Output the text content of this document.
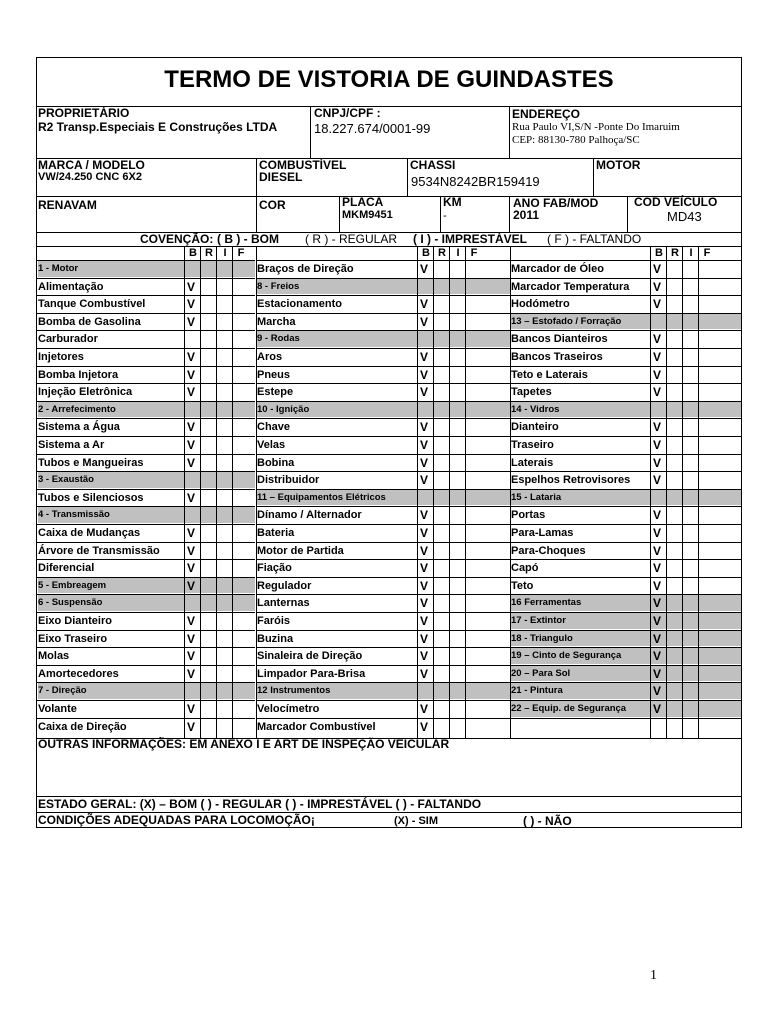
TERMO DE VISTORIA DE GUINDASTES
PROPRIETÁRIO
R2 Transp.Especiais E Construções LTDA
CNPJ/CPF :
18.227.674/0001-99
ENDEREÇO
Rua Paulo VI,S/N -Ponte Do Imaruim
CEP: 88130-780 Palhoça/SC
MARCA / MODELO
VW/24.250 CNC 6X2
COMBUSTÍVEL
DIESEL
CHASSI
9534N8242BR159419
MOTOR
RENAVAM	COR	PLACA
MKM9451
KM
-
ANO FAB/MOD
2011
COD VEÍCULO
MD43
COVENÇÃO: ( B ) - BOM ( R ) - REGULAR ( I ) - IMPRESTÁVEL ( F ) - FALTANDO
B R I	F
1 - Motor
Alimentação	V
Tanque Combustível	V
Bomba de Gasolina	V
Carburador
Injetores	V
Bomba Injetora	V
Injeção Eletrônica	V
2 - Arrefecimento
Sistema a Água	V
Sistema a Ar	V
Tubos e Mangueiras	V
3 - Exaustão
Tubos e Silenciosos	V
4 - Transmissão
Caixa de Mudanças	V
Árvore de Transmissão V
Diferencial	V
5 - Embreagem	V
6 - Suspensão
Eixo Dianteiro	V
Eixo Traseiro	V
Molas	V
Amortecedores	V
7 - Direção
Volante	V
Caixa de Direção	V
B R I	F
Braços de Direção	V
8 - Freios
Estacionamento	V
Marcha	V
9 - Rodas
Aros	V
Pneus	V
Estepe	V
10 - Ignição
Chave	V
Velas	V
Bobina	V
Distribuidor	V
11 – Equipamentos Elétricos
Dínamo / Alternador	V
Bateria	V
Motor de Partida	V
Fiação	V
Regulador	V
Lanternas	V
Faróis	V
Buzina	V
Sinaleira de Direção	V
Limpador Para-Brisa	V
12 Instrumentos
Velocímetro	V
Marcador Combustível	V
B R I	F
Marcador de Óleo	V
Marcador Temperatura V
Hodómetro	V
13 – Estofado / Forração
Bancos Dianteiros	V
Bancos Traseiros	V
Teto e Laterais	V
Tapetes	V
14 - Vidros
Dianteiro	V
Traseiro	V
Laterais	V
Espelhos Retrovisores V
15 - Lataria
Portas	V
Para-Lamas	V
Para-Choques	V
Capó	V
Teto	V
16 Ferramentas	V
17 - Extintor	V
18 - Triangulo	V
19 – Cinto de Segurança	V
20 – Para Sol	V
21 - Pintura	V
22 – Equip. de Segurança V
OUTRAS INFORMAÇÕES: EM ANEXO I E ART DE INSPEÇÃO VEICULAR
ESTADO GERAL: (X) – BOM ( ) - REGULAR ( ) - IMPRESTÁVEL ( ) - FALTANDO
CONDIÇÕES ADEQUADAS PARA LOCOMOÇÃO¡	(X) - SIM	( ) - NÃO
1
